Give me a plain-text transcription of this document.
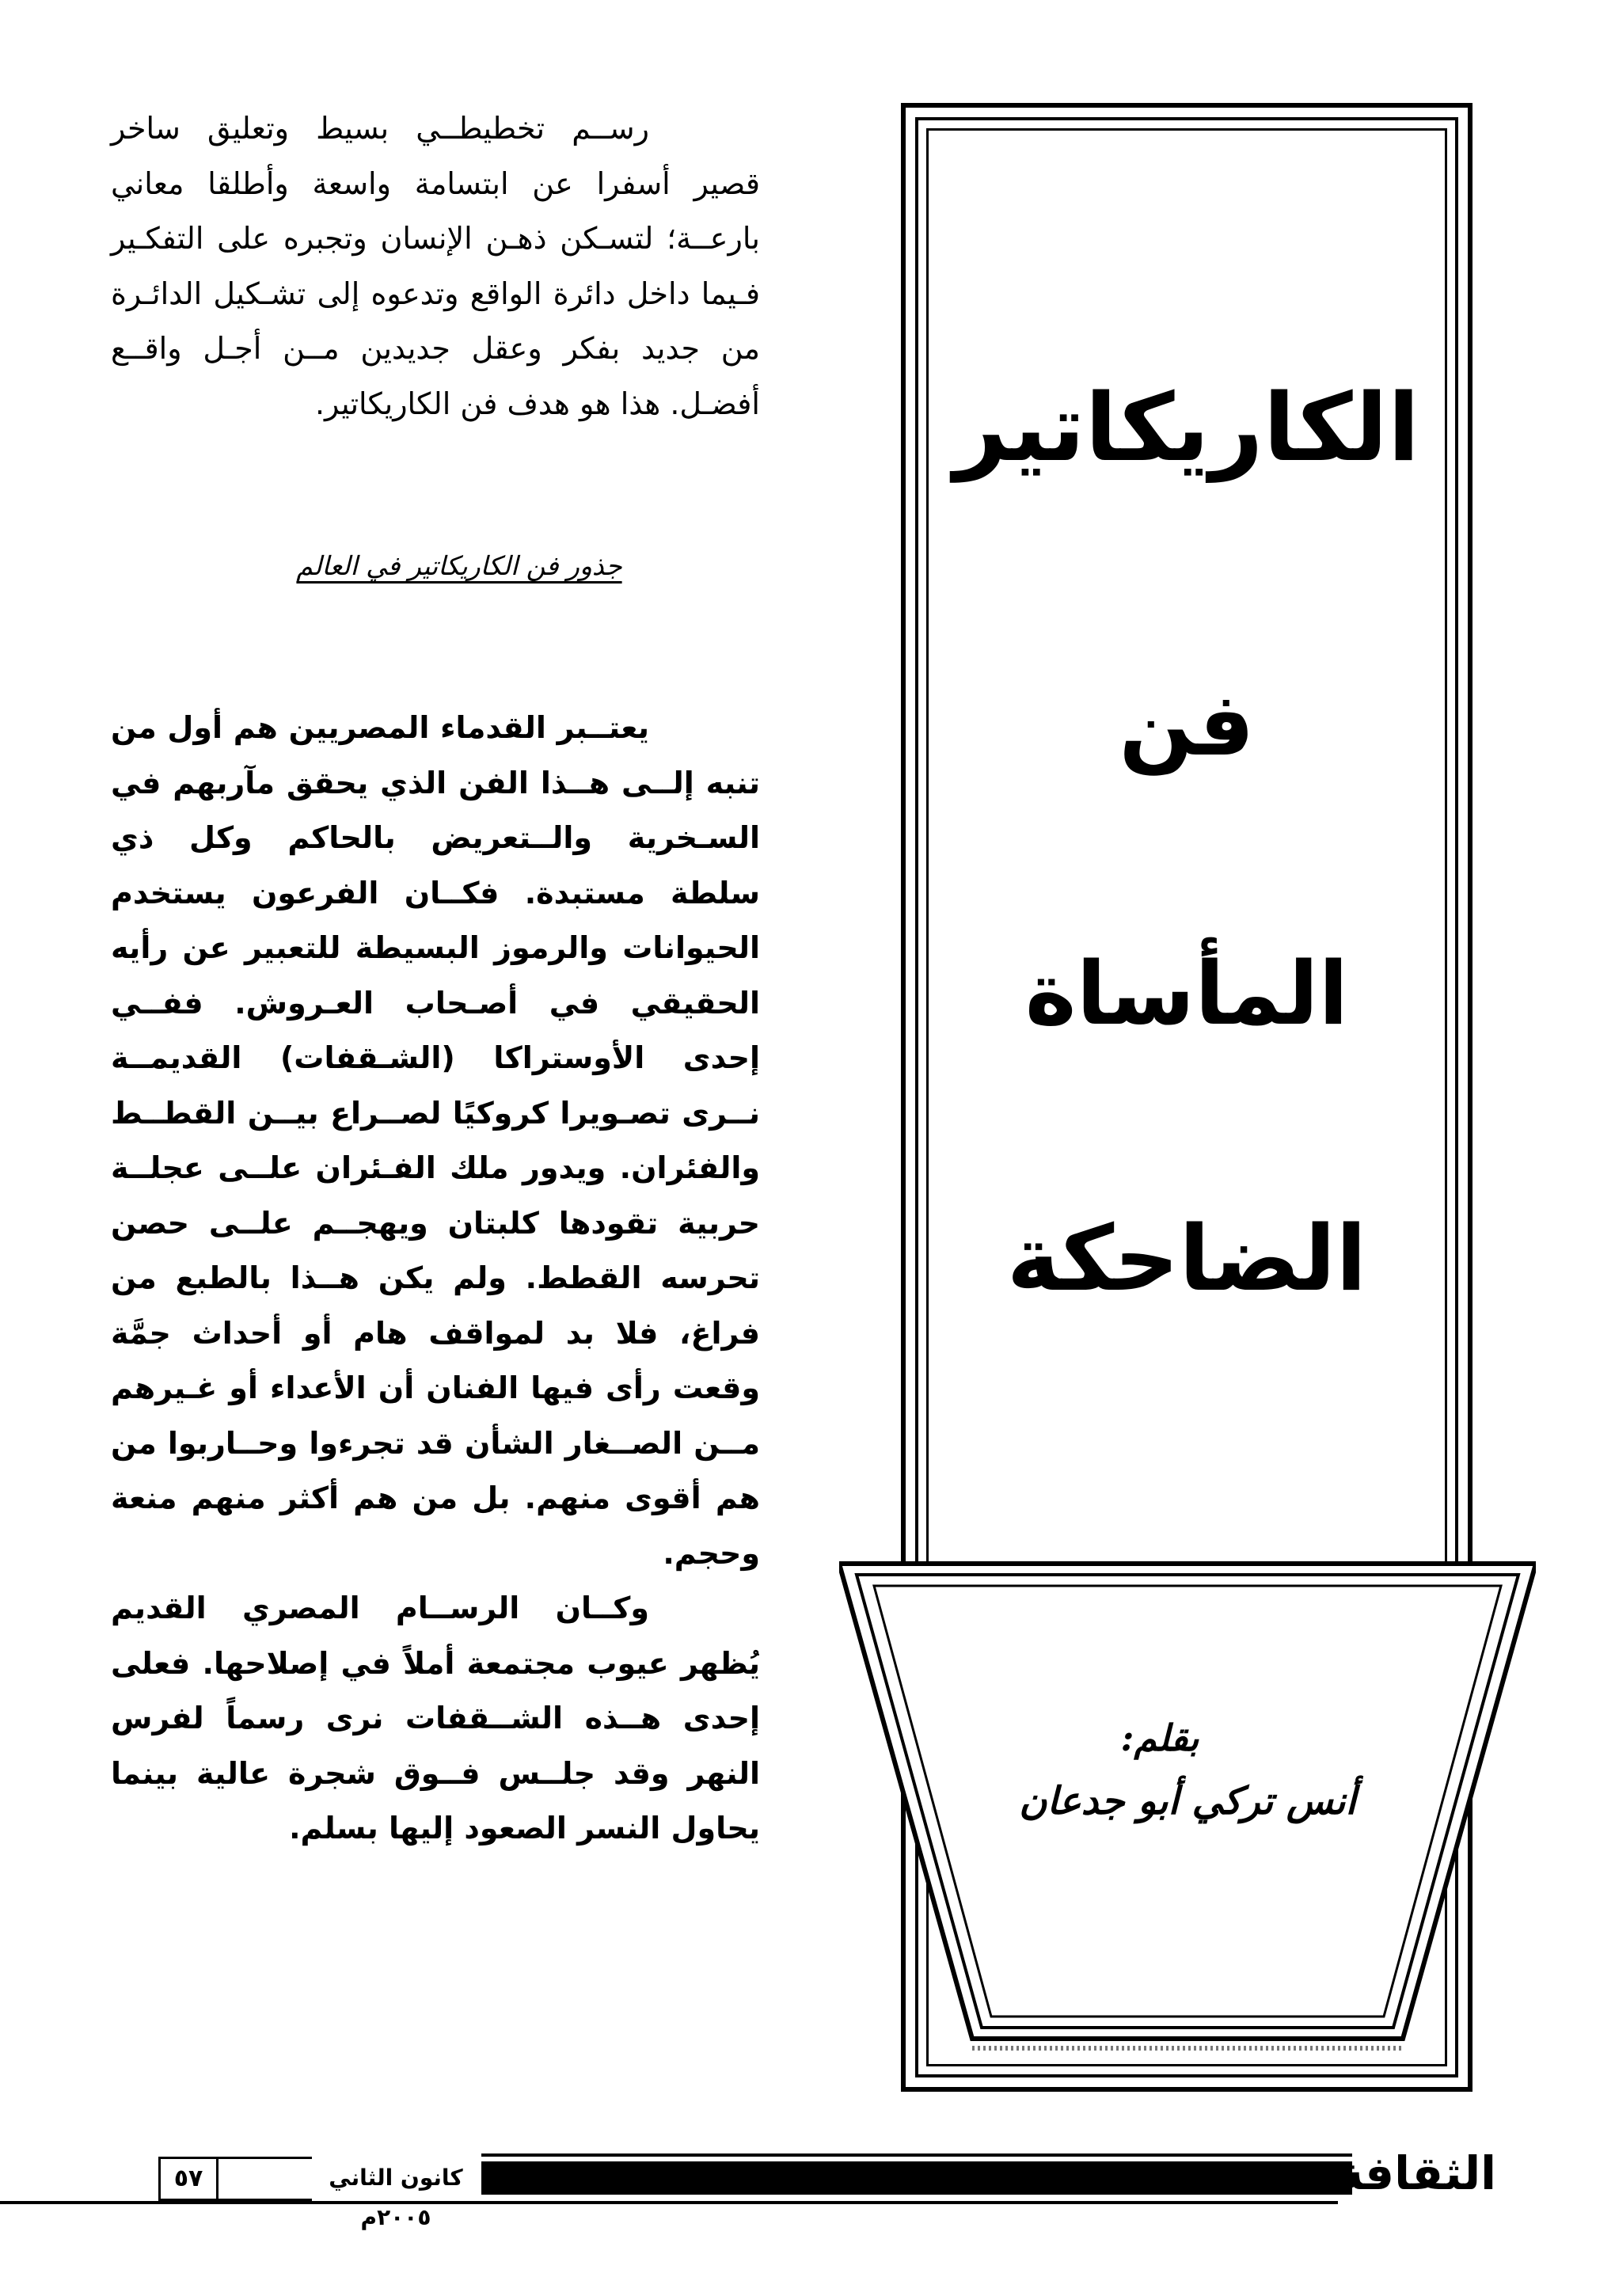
رســم تخطيطــي بسيط وتعليق ساخر قصير أسفرا عن ابتسامة واسعة وأطلقا معاني بارعــة؛ لتسـكن ذهـن الإنسان وتجبره على التفكـير فـيما داخل دائرة الواقع وتدعوه إلى تشـكيل الدائـرة من جديد بفكر وعقل جديدين مــن أجـل واقــع أفضـل. هذا هو هدف فن الكاريكاتير.

جذور فن الكاريكاتير في العالم

يعتــبر القدماء المصريين هم أول من تنبه إلــى هــذا الفن الذي يحقق مآربهم في السـخرية والــتعريض بالحاكم وكل ذي سلطة مستبدة. فكــان الفرعون يستخدم الحيوانات والرموز البسيطة للتعبير عن رأيه الحقيقي في أصـحاب العـروش. ففــي إحدى الأوستراكا (الشـقفات) القديمــة نــرى تصـويرا كروكيًا لصــراع بيــن القطــط والفئران. ويدور ملك الفـئران علــى عجلــة حربية تقودها كلبتان ويهجــم علــى حصن تحرسه القطط. ولم يكن هــذا بالطبع من فراغ، فلا بد لمواقف هام أو أحداث جمَّة وقعت رأى فيها الفنان أن الأعداء أو غـيرهم مــن الصــغار الشأن قد تجرءوا وحــاربوا من هم أقوى منهم. بل من هم أكثر منهم منعة وحجم.

وكــان الرســام المصري القديم يُظهر عيوب مجتمعة أملاً في إصلاحها. فعلى إحدى هــذه الشــقفات نرى رسماً لفرس النهر وقد جلــس فــوق شجرة عالية بينما يحاول النسر الصعود إليها بسلم.

الكاريكاتير
فن
المأساة
الضاحكة
بقلم:
أنس تركي أبو جدعان
٥٧	كانون الثاني ٢٠٠٥م
الثقافة
